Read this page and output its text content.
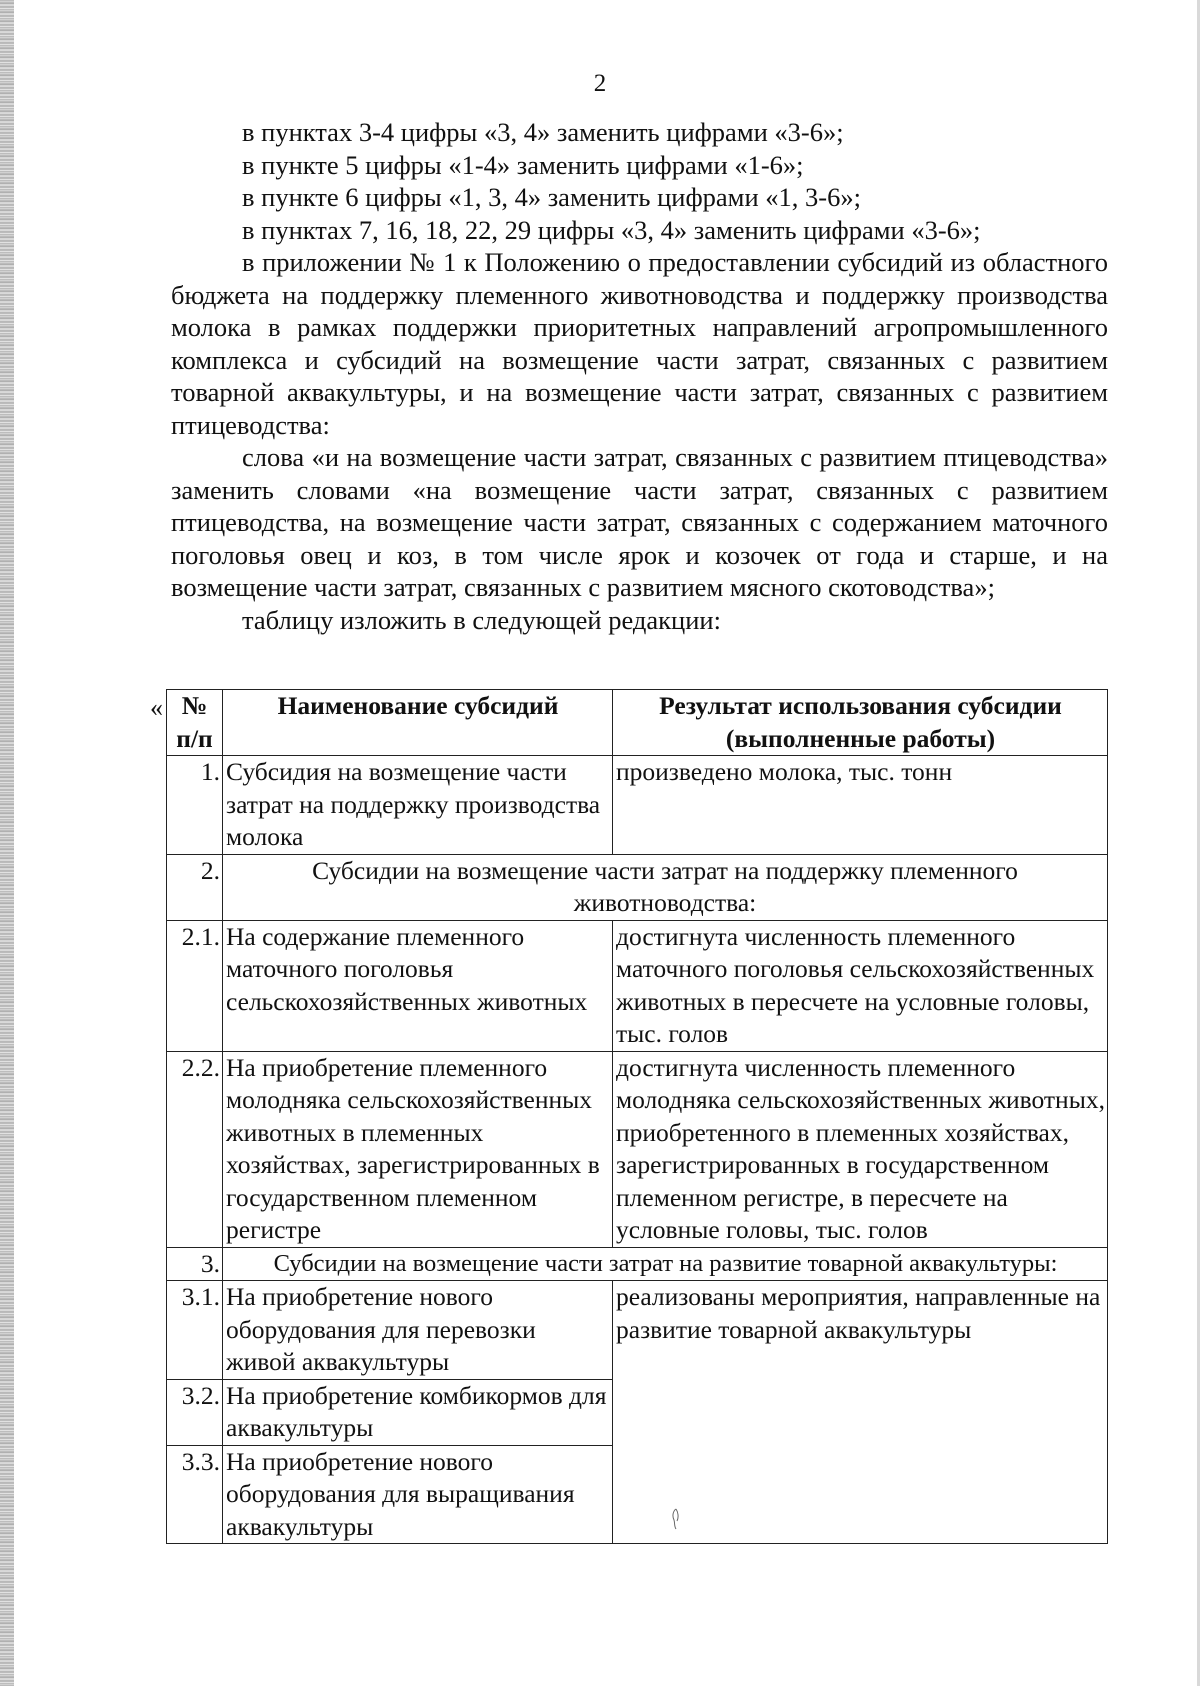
2
в пунктах 3-4 цифры «3, 4» заменить цифрами «3-6»;
в пункте 5 цифры «1-4» заменить цифрами «1-6»;
в пункте 6 цифры «1, 3, 4» заменить цифрами «1, 3-6»;
в пунктах 7, 16, 18, 22, 29 цифры «3, 4» заменить цифрами «3-6»;
в приложении № 1 к Положению о предоставлении субсидий из областного бюджета на поддержку племенного животноводства и поддержку производства молока в рамках поддержки приоритетных направлений агропромышленного комплекса и субсидий на возмещение части затрат, связанных с развитием товарной аквакультуры, и на возмещение части затрат, связанных с развитием птицеводства:
слова «и на возмещение части затрат, связанных с развитием птицеводства» заменить словами «на возмещение части затрат, связанных с развитием птицеводства, на возмещение части затрат, связанных с содержанием маточного поголовья овец и коз, в том числе ярок и козочек от года и старше, и на возмещение части затрат, связанных с развитием мясного скотоводства»;
таблицу изложить в следующей редакции:
« № п/п	Наименование субсидий	Результат использования субсидии (выполненные работы)
1.	Субсидия на возмещение части затрат на поддержку производства молока	произведено молока, тыс. тонн
2.	Субсидии на возмещение части затрат на поддержку племенного животноводства:	
2.1.	На содержание племенного маточного поголовья сельскохозяйственных животных	достигнута численность племенного маточного поголовья сельскохозяйственных животных в пересчете на условные головы, тыс. голов
2.2.	На приобретение племенного молодняка сельскохозяйственных животных в племенных хозяйствах, зарегистрированных в государственном племенном регистре	достигнута численность племенного молодняка сельскохозяйственных животных, приобретенного в племенных хозяйствах, зарегистрированных в государственном племенном регистре, в пересчете на условные головы, тыс. голов
3.	Субсидии на возмещение части затрат на развитие товарной аквакультуры:	
3.1.	На приобретение нового оборудования для перевозки живой аквакультуры	реализованы мероприятия, направленные на развитие товарной аквакультуры
3.2.	На приобретение комбикормов для аквакультуры	
3.3.	На приобретение нового оборудования для выращивания аквакультуры	
